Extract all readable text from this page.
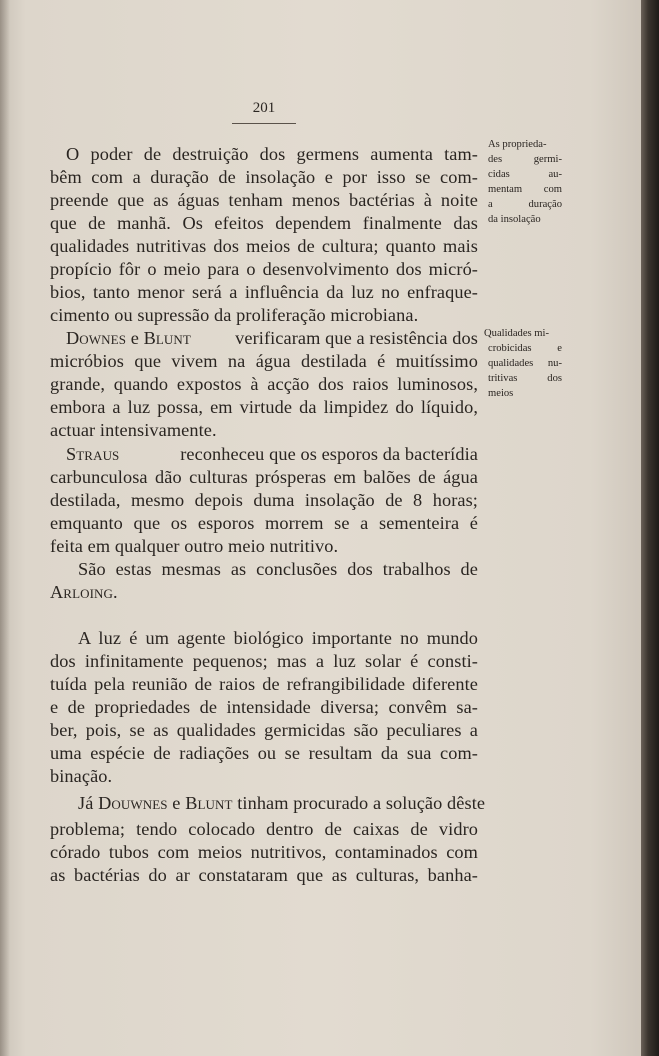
201
O poder de destruição dos germens aumenta tam-
bêm com a duração de insolação e por isso se com-
preende que as águas tenham menos bactérias à noite
que de manhã. Os efeitos dependem finalmente das
qualidades nutritivas dos meios de cultura; quanto mais
propício fôr o meio para o desenvolvimento dos micró-
bios, tanto menor será a influência da luz no enfraque-
cimento ou supressão da proliferação microbiana.
Downes e Blunt verificaram que a resistência dos
micróbios que vivem na água destilada é muitíssimo
grande, quando expostos à acção dos raios luminosos,
embora a luz possa, em virtude da limpidez do líquido,
actuar intensivamente.
Straus	reconheceu que os esporos da bacterídia
carbunculosa dão culturas prósperas em balões de água
destilada, mesmo depois duma insolação de 8 horas;
emquanto que os esporos morrem se a sementeira é
feita em qualquer outro meio nutritivo.
São estas mesmas as conclusões dos trabalhos de
Arloing.
A luz é um agente biológico importante no mundo
dos infinitamente pequenos; mas a luz solar é consti-
tuída pela reunião de raios de refrangibilidade diferente
e de propriedades de intensidade diversa; convêm sa-
ber, pois, se as qualidades germicidas são peculiares a
uma espécie de radiações ou se resultam da sua com-
binação.
Já Douwnes e Blunt tinham procurado a solução dêste
problema; tendo colocado dentro de caixas de vidro
córado tubos com meios nutritivos, contaminados com
as bactérias do ar constataram que as culturas, banha-
As proprieda-
des germi-
cidas au-
mentam com
a duração
da insolação
Qualidades mi-
crobicidas e
qualidades nu-
tritivas dos
meios
